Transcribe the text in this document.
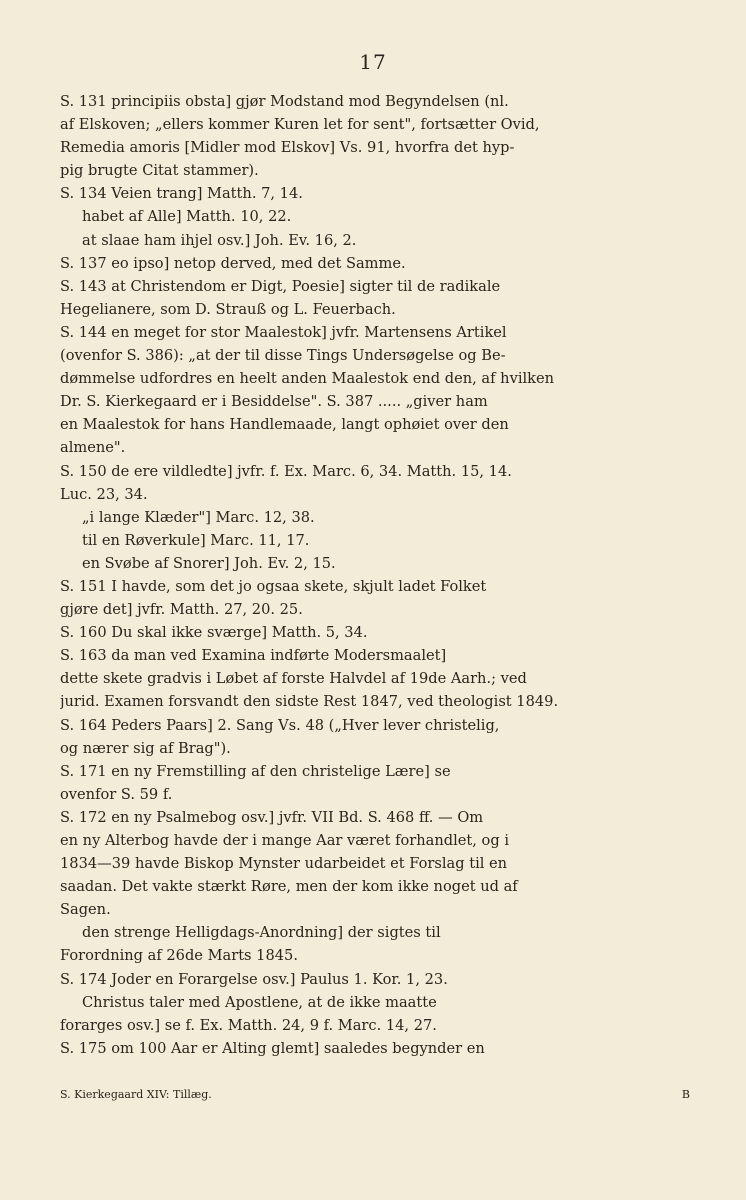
17
S. 131 principiis obsta] gjør Modstand mod Begyndelsen (nl.
af Elskoven; „ellers kommer Kuren let for sent", fortsætter Ovid,
Remedia amoris [Midler mod Elskov] Vs. 91, hvorfra det hyp-
pig brugte Citat stammer).
S. 134 Veien trang] Matth. 7, 14.
habet af Alle] Matth. 10, 22.
at slaae ham ihjel osv.] Joh. Ev. 16, 2.
S. 137 eo ipso] netop derved, med det Samme.
S. 143 at Christendom er Digt, Poesie] sigter til de radikale
Hegelianere, som D. Strauß og L. Feuerbach.
S. 144 en meget for stor Maalestok] jvfr. Martensens Artikel
(ovenfor S. 386): „at der til disse Tings Undersøgelse og Be-
dømmelse udfordres en heelt anden Maalestok end den, af hvilken
Dr. S. Kierkegaard er i Besiddelse". S. 387 ..... „giver ham
en Maalestok for hans Handlemaade, langt ophøiet over den
almene".
S. 150 de ere vildledte] jvfr. f. Ex. Marc. 6, 34. Matth. 15, 14.
Luc. 23, 34.
„i lange Klæder"] Marc. 12, 38.
til en Røverkule] Marc. 11, 17.
en Svøbe af Snorer] Joh. Ev. 2, 15.
S. 151 I havde, som det jo ogsaa skete, skjult ladet Folket
gjøre det] jvfr. Matth. 27, 20. 25.
S. 160 Du skal ikke sværge] Matth. 5, 34.
S. 163 da man ved Examina indførte Modersmaalet]
dette skete gradvis i Løbet af forste Halvdel af 19de Aarh.; ved
jurid. Examen forsvandt den sidste Rest 1847, ved theologist 1849.
S. 164 Peders Paars] 2. Sang Vs. 48 („Hver lever christelig,
og nærer sig af Brag").
S. 171 en ny Fremstilling af den christelige Lære] se
ovenfor S. 59 f.
S. 172 en ny Psalmebog osv.] jvfr. VII Bd. S. 468 ff. — Om
en ny Alterbog havde der i mange Aar været forhandlet, og i
1834—39 havde Biskop Mynster udarbeidet et Forslag til en
saadan. Det vakte stærkt Røre, men der kom ikke noget ud af
Sagen.
den strenge Helligdags-Anordning] der sigtes til
Forordning af 26de Marts 1845.
S. 174 Joder en Forargelse osv.] Paulus 1. Kor. 1, 23.
Christus taler med Apostlene, at de ikke maatte
forarges osv.] se f. Ex. Matth. 24, 9 f. Marc. 14, 27.
S. 175 om 100 Aar er Alting glemt] saaledes begynder en
S. Kierkegaard XIV: Tillæg.	B
